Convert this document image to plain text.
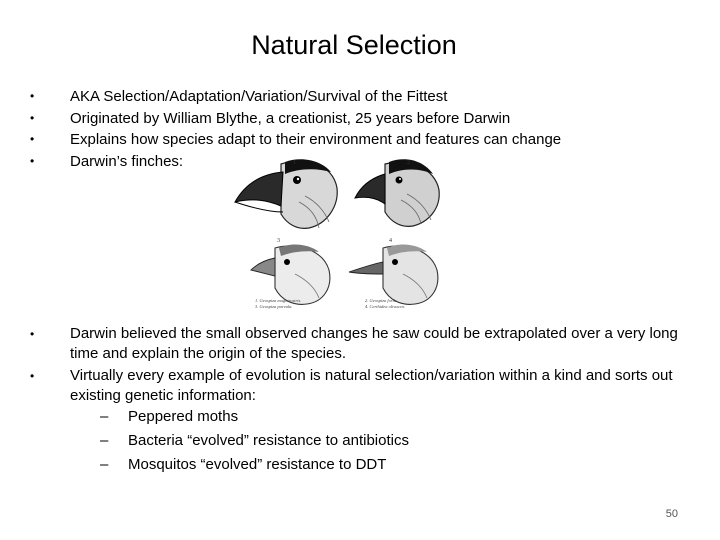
Natural Selection
• AKA Selection/Adaptation/Variation/Survival of the Fittest
• Originated by William Blythe, a creationist, 25 years before Darwin
• Explains how species adapt to their environment and features can change
• Darwin’s finches:	1	2
3	4
1. Geospiza magnirostris.
3. Geospiza parvula.
2. Geospiza fortis.
4. Certhidea olivacea.
• Darwin believed the small observed changes he saw could be extrapolated over a very long time and explain the origin of the species.
• Virtually every example of evolution is natural selection/variation within a kind and sorts out existing genetic information:
– Peppered moths
– Bacteria “evolved” resistance to antibiotics
– Mosquitos “evolved” resistance to DDT
50
